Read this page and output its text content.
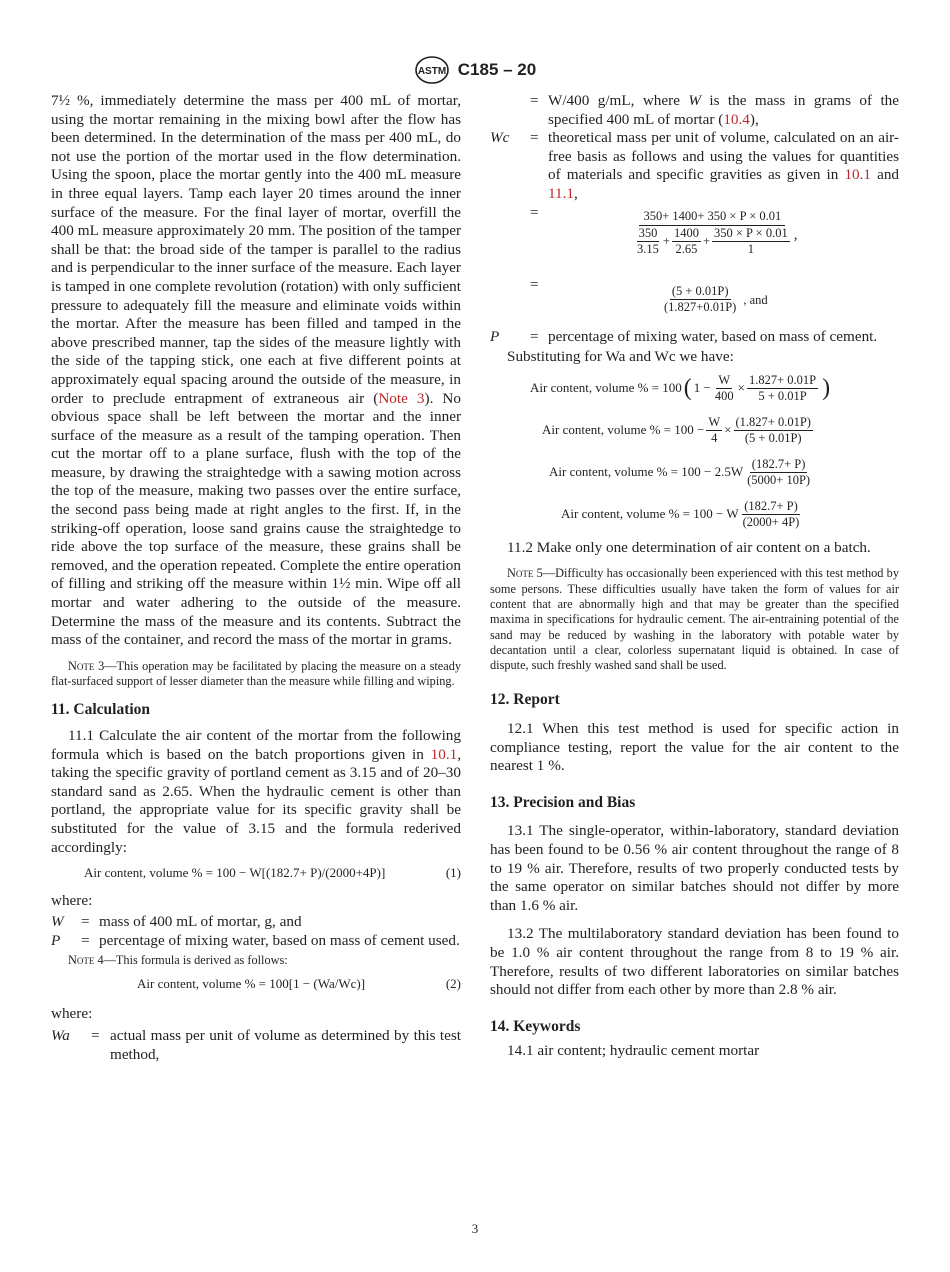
ASTM C185 – 20

7½ %, immediately determine the mass per 400 mL of mortar, using the mortar remaining in the mixing bowl after the flow has been determined. In the determination of the mass per 400 mL, do not use the portion of the mortar used in the flow determination. Using the spoon, place the mortar gently into the 400 mL measure in three equal layers. Tamp each layer 20 times around the inner surface of the measure. For the final layer of mortar, overfill the 400 mL measure approximately 20 mm. The position of the tamper shall be that: the broad side of the tamper is parallel to the radius and is perpendicular to the inner surface of the measure. Each layer is tamped in one complete revolution (rotation) with only sufficient pressure to adequately fill the measure and eliminate voids within the mortar. After the measure has been filled and tamped in the above prescribed manner, tap the sides of the measure lightly with the side of the tapping stick, one each at five different points at approximately equal spacing around the outside of the measure, in order to preclude entrapment of extraneous air (Note 3). No obvious space shall be left between the mortar and the inner surface of the measure as a result of the tamping operation. Then cut the mortar off to a plane surface, flush with the top of the measure, by drawing the straightedge with a sawing motion across the top of the measure, making two passes over the entire surface, the second pass being made at right angles to the first. If, in the striking-off operation, loose sand grains cause the straightedge to ride above the top surface of the measure, these grains shall be removed, and the operation repeated. Complete the entire operation of filling and striking off the measure within 1½ min. Wipe off all mortar and water adhering to the outside of the measure. Determine the mass of the measure and its contents. Subtract the mass of the container, and record the mass of the mortar in grams.

Note 3—This operation may be facilitated by placing the measure on a steady flat-surfaced support of lesser diameter than the measure while filling and wiping.

11. Calculation

11.1 Calculate the air content of the mortar from the following formula which is based on the batch proportions given in 10.1, taking the specific gravity of portland cement as 3.15 and of 20–30 standard sand as 2.65. When the hydraulic cement is other than portland, the appropriate value for its specific gravity shall be substituted for the value of 3.15 and the formula rederived accordingly:

Air content, volume % = 100 − W[(182.7+ P)/(2000+4P)]	(1)

where:

W	= mass of 400 mL of mortar, g, and
P	= percentage of mixing water, based on mass of cement used.

Note 4—This formula is derived as follows:

Air content, volume % = 100[1 − (Wa/Wc)]	(2)

where:

Wa	= actual mass per unit of volume as determined by this test method,
= W/400 g/mL, where W is the mass in grams of the specified 400 mL of mortar (10.4),
Wc	= theoretical mass per unit of volume, calculated on an air-free basis as follows and using the values for quantities of materials and specific gravities as given in 10.1 and 11.1,
=	$\frac{350+ 1400+ 350 \times P \times 0.01}{\frac{350}{3.15} + \frac{1400}{2.65} + \frac{350 \times P \times 0.01}{1}}$ ,
=	$\frac{(5 + 0.01P)}{(1.827+0.01P)}$ , and
P	= percentage of mixing water, based on mass of cement.

Substituting for Wa and Wc we have:

Air content, volume % = 100 ( $1 - \frac{W}{400} \times \frac{1.827+ 0.01P}{5 + 0.01P}$ )
Air content, volume % = $100 - \frac{W}{4} \times \frac{(1.827+ 0.01P)}{(5 + 0.01P)}$
Air content, volume % = $100 - 2.5W \frac{(182.7+ P)}{(5000+ 10P)}$
Air content, volume % = 100 − W $\frac{(182.7+ P)}{(2000+ 4P)}$

11.2 Make only one determination of air content on a batch.

Note 5—Difficulty has occasionally been experienced with this test method by some persons. These difficulties usually have taken the form of values for air content that are abnormally high and that may be greater than the specified maxima in specifications for hydraulic cement. The air-entraining potential of the sand may be reduced by washing in the laboratory with potable water by decantation until a clear, colorless supernatant liquid is obtained. In case of dispute, such freshly washed sand shall be used.

12. Report

12.1 When this test method is used for specific action in compliance testing, report the value for the air content to the nearest 1 %.

13. Precision and Bias

13.1 The single-operator, within-laboratory, standard deviation has been found to be 0.56 % air content throughout the range of 8 to 19 % air. Therefore, results of two properly conducted tests by the same operator on similar batches should not differ by more than 1.6 % air.

13.2 The multilaboratory standard deviation has been found to be 1.0 % air content throughout the range from 8 to 19 % air. Therefore, results of two different laboratories on similar batches should not differ from each other by more than 2.8 % air.

14. Keywords

14.1 air content; hydraulic cement mortar

3
